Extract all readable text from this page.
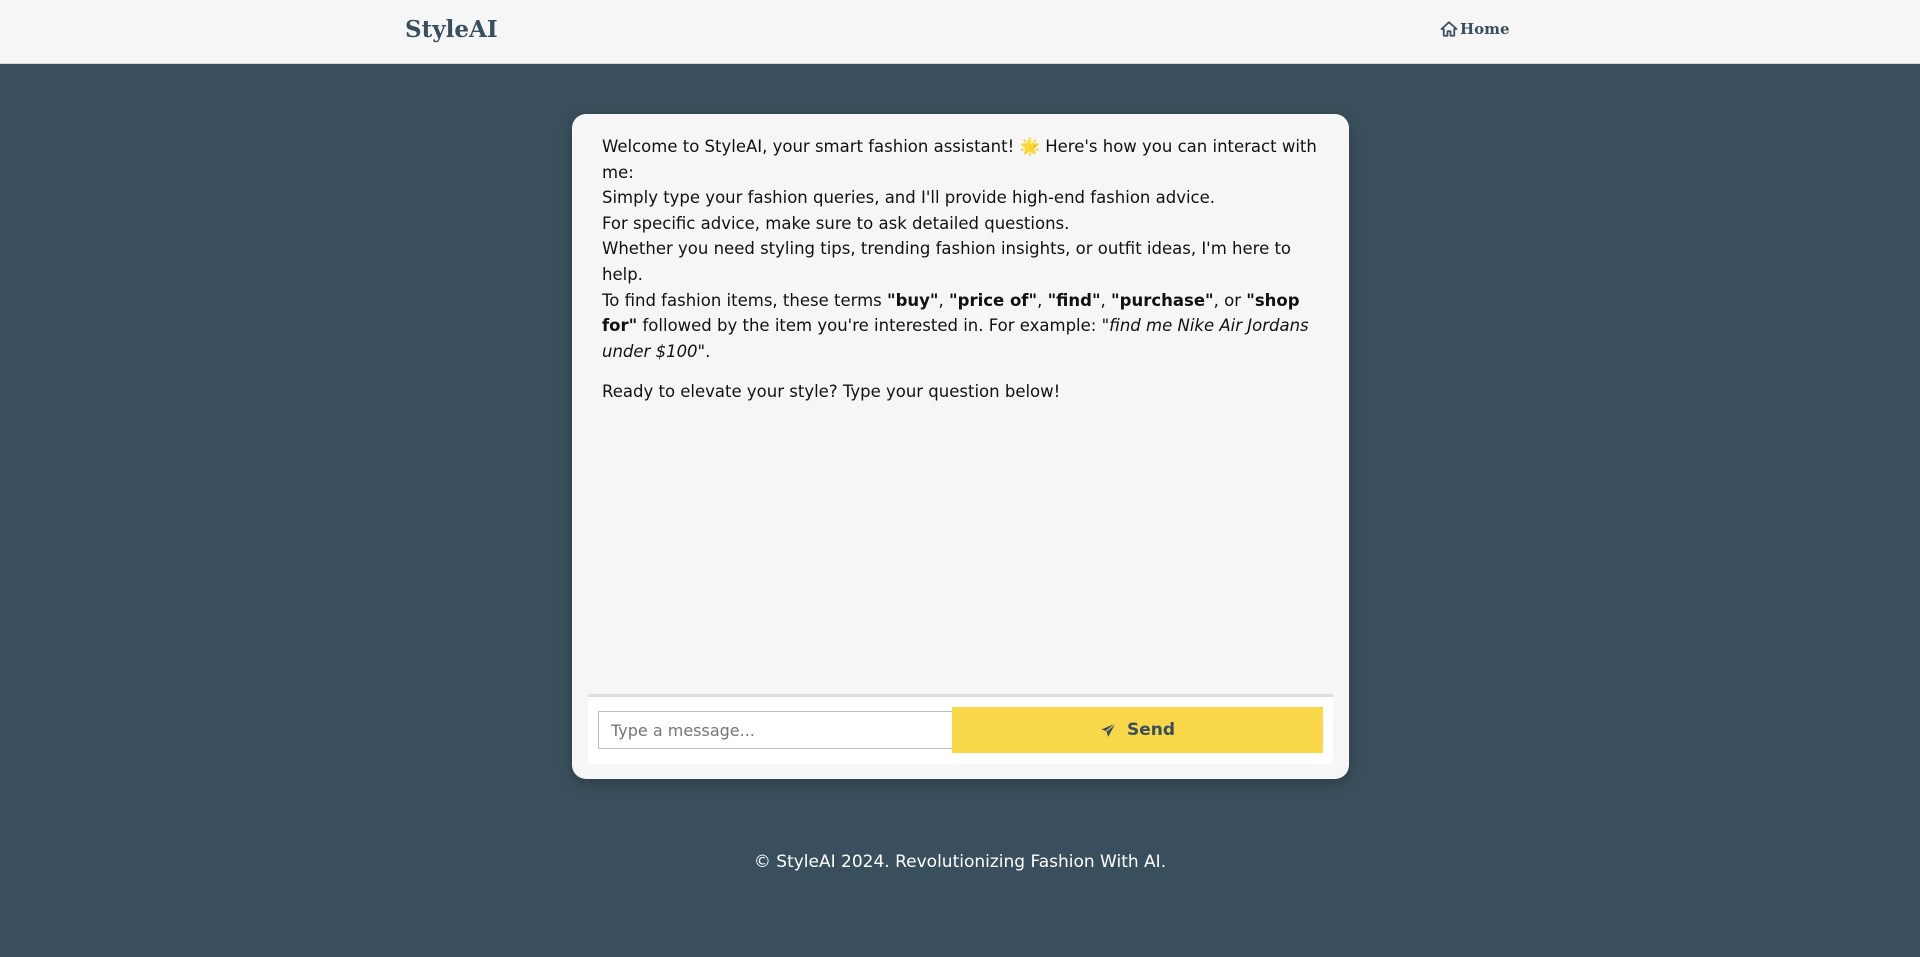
StyleAI	Home

Welcome to StyleAI, your smart fashion assistant! 🌟 Here's how you can interact with me:

Simply type your fashion queries, and I'll provide high-end fashion advice.

For specific advice, make sure to ask detailed questions.

Whether you need styling tips, trending fashion insights, or outfit ideas, I'm here to help.

To find fashion items, these terms "buy", "price of", "find", "purchase", or "shop for" followed by the item you're interested in. For example: "find me Nike Air Jordans under $100".

Ready to elevate your style? Type your question below!

Type a message...
Send
© StyleAI 2024. Revolutionizing Fashion With AI.
